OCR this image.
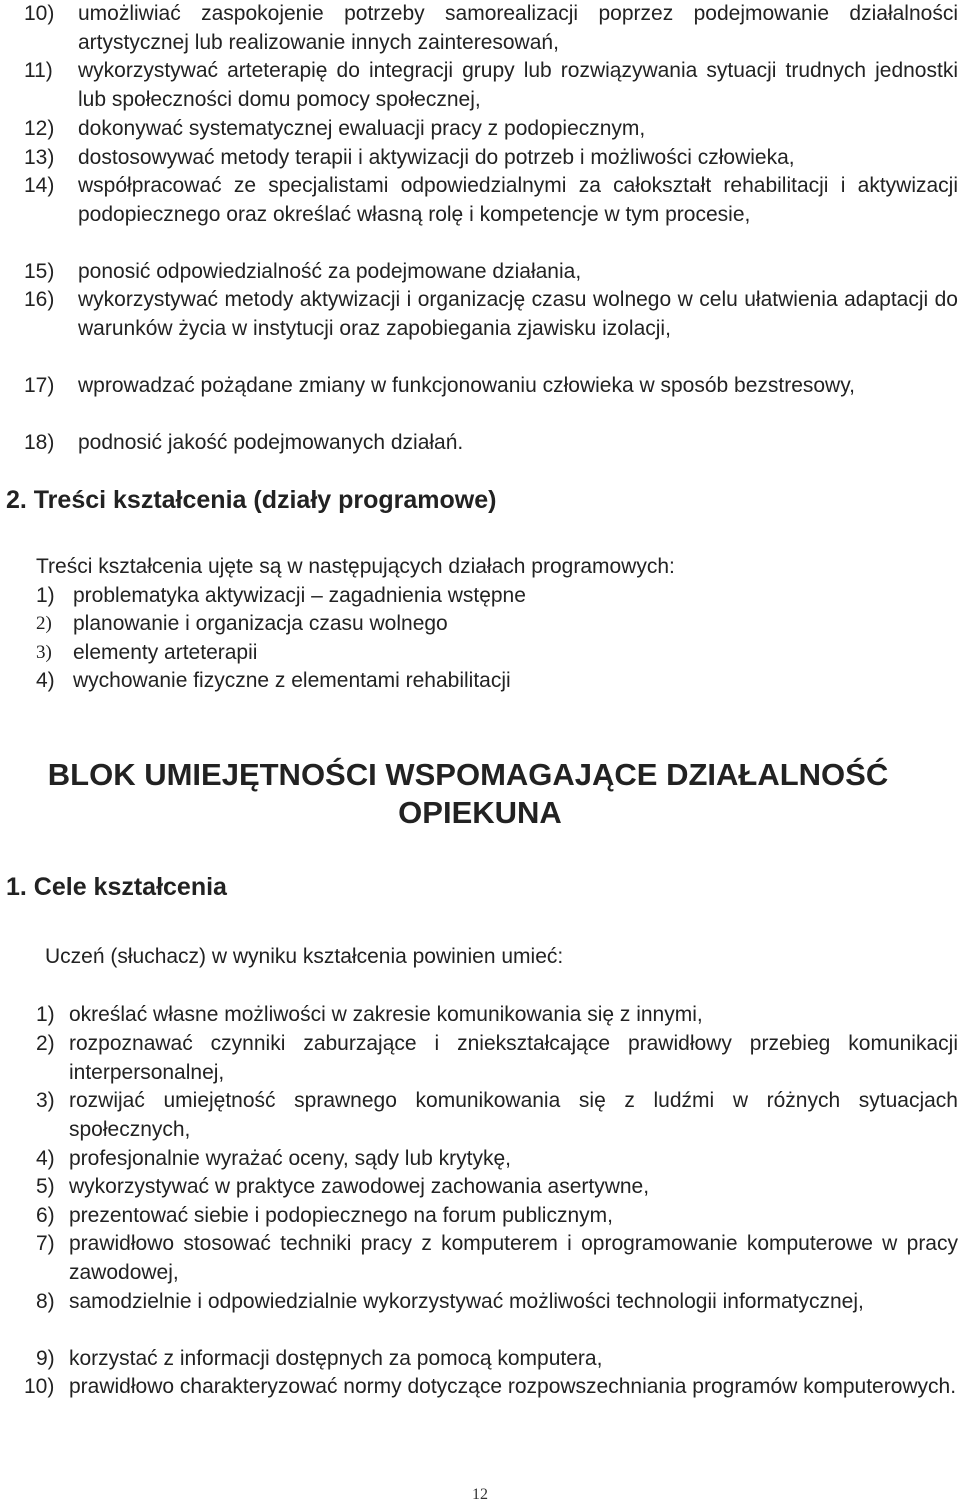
10) umożliwiać zaspokojenie potrzeby samorealizacji poprzez podejmowanie działalności artystycznej lub realizowanie innych zainteresowań,
11) wykorzystywać arteterapię do integracji grupy lub rozwiązywania sytuacji trudnych jednostki lub społeczności domu pomocy społecznej,
12) dokonywać systematycznej ewaluacji pracy z podopiecznym,
13) dostosowywać metody terapii i aktywizacji do potrzeb i możliwości człowieka,
14) współpracować ze specjalistami odpowiedzialnymi za całokształt rehabilitacji i aktywizacji podopiecznego oraz określać własną rolę i kompetencje w tym procesie,
15) ponosić odpowiedzialność za podejmowane działania,
16) wykorzystywać metody aktywizacji i organizację czasu wolnego w celu ułatwienia adaptacji do warunków życia w instytucji oraz zapobiegania zjawisku izolacji,
17) wprowadzać pożądane zmiany w funkcjonowaniu człowieka w sposób bezstresowy,
18) podnosić jakość podejmowanych działań.
2. Treści kształcenia (działy programowe)
Treści kształcenia ujęte są w następujących działach programowych:
1) problematyka aktywizacji – zagadnienia wstępne
2) planowanie i organizacja czasu wolnego
3) elementy arteterapii
4) wychowanie fizyczne z elementami rehabilitacji
BLOK UMIEJĘTNOŚCI WSPOMAGAJĄCE DZIAŁALNOŚĆ
OPIEKUNA
1. Cele kształcenia
Uczeń (słuchacz) w wyniku kształcenia powinien umieć:
1) określać własne możliwości w zakresie komunikowania się z innymi,
2) rozpoznawać czynniki zaburzające i zniekształcające prawidłowy przebieg komunikacji interpersonalnej,
3) rozwijać umiejętność sprawnego komunikowania się z ludźmi w różnych sytuacjach społecznych,
4) profesjonalnie wyrażać oceny, sądy lub krytykę,
5) wykorzystywać w praktyce zawodowej zachowania asertywne,
6) prezentować siebie i podopiecznego na forum publicznym,
7) prawidłowo stosować techniki pracy z komputerem i oprogramowanie komputerowe w pracy zawodowej,
8) samodzielnie i odpowiedzialnie wykorzystywać możliwości technologii informatycznej,
9) korzystać z informacji dostępnych za pomocą komputera,
10) prawidłowo charakteryzować normy dotyczące rozpowszechniania programów komputerowych.
12
